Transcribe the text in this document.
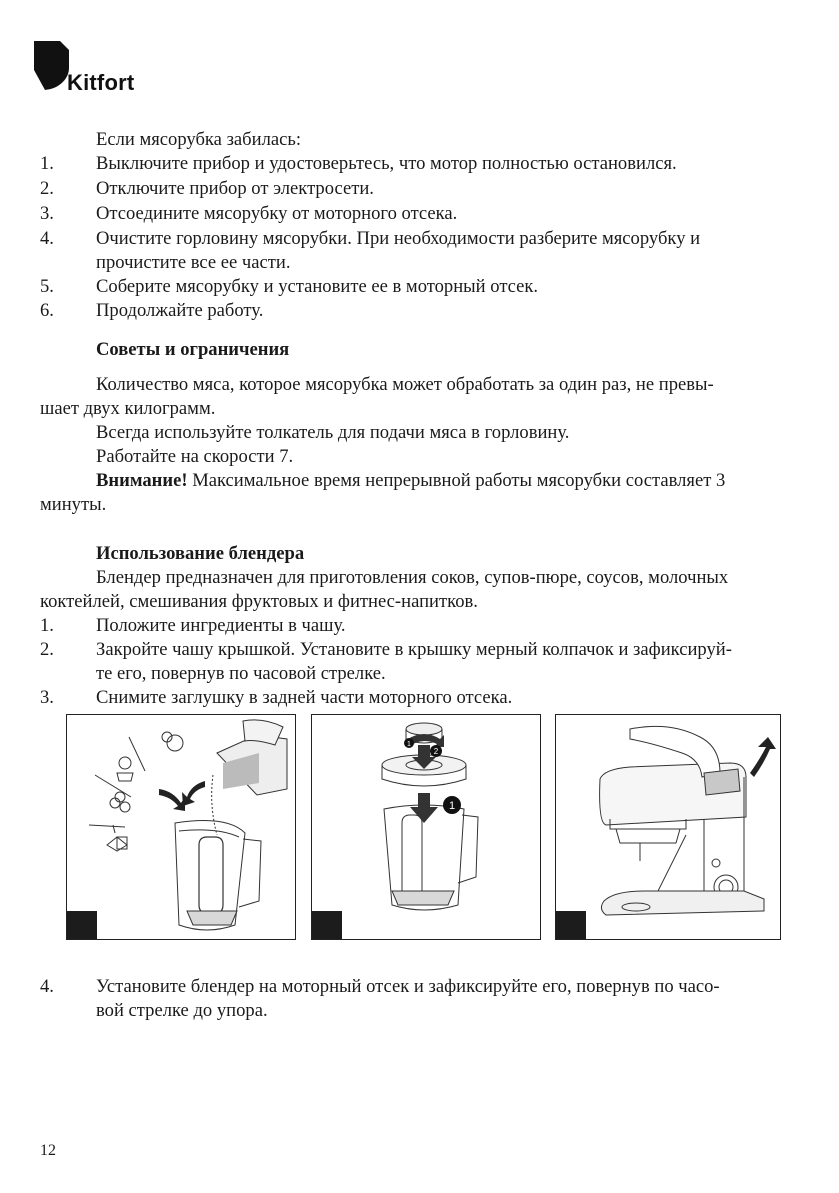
Kitfort
Если мясорубка забилась:
1. Выключите прибор и удостоверьтесь, что мотор полностью остановился.
2. Отключите прибор от электросети.
3. Отсоедините мясорубку от моторного отсека.
4. Очистите горловину мясорубки. При необходимости разберите мясорубку и
прочистите все ее части.
5. Соберите мясорубку и установите ее в моторный отсек.
6. Продолжайте работу.
Советы и ограничения
Количество мяса, которое мясорубка может обработать за один раз, не превы-
шает двух килограмм.
Всегда используйте толкатель для подачи мяса в горловину.
Работайте на скорости 7.
Внимание! Максимальное время непрерывной работы мясорубки составляет 3
минуты.
Использование блендера
Блендер предназначен для приготовления соков, супов-пюре, соусов, молочных
коктейлей, смешивания фруктовых и фитнес-напитков.
1. Положите ингредиенты в чашу.
2. Закройте чашу крышкой. Установите в крышку мерный колпачок и зафиксируй-
те его, повернув по часовой стрелке.
3. Снимите заглушку в задней части моторного отсека.
1
2
1
4. Установите блендер на моторный отсек и зафиксируйте его, повернув по часо-
вой стрелке до упора.
12
